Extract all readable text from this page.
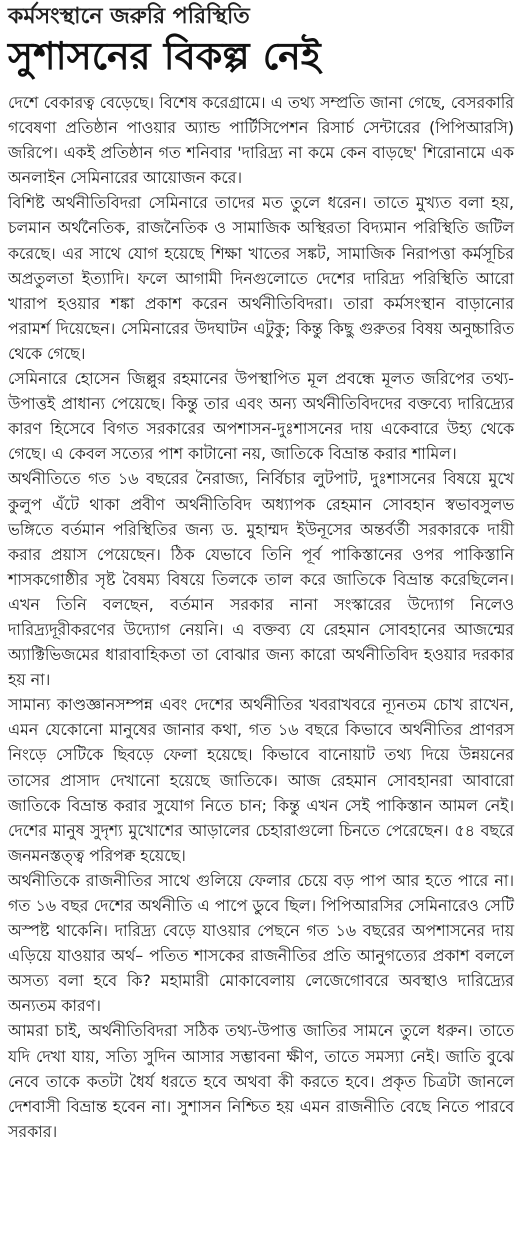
কর্মসংস্থানে জরুরি পরিস্থিতি
সুশাসনের বিকল্প নেই

দেশে বেকারত্ব বেড়েছে। বিশেষ করেগ্রামে। এ তথ্য সম্প্রতি জানা গেছে, বেসরকারি গবেষণা প্রতিষ্ঠান পাওয়ার অ্যান্ড পার্টিসিপেশন রিসার্চ সেন্টারের (পিপিআরসি) জরিপে। একই প্রতিষ্ঠান গত শনিবার 'দারিদ্র্য না কমে কেন বাড়ছে' শিরোনামে এক অনলাইন সেমিনারের আয়োজন করে।

বিশিষ্ট অর্থনীতিবিদরা সেমিনারে তাদের মত তুলে ধরেন। তাতে মুখ্যত বলা হয়, চলমান অর্থনৈতিক, রাজনৈতিক ও সামাজিক অস্থিরতা বিদ্যমান পরিস্থিতি জটিল করেছে। এর সাথে যোগ হয়েছে শিক্ষা খাতের সঙ্কট, সামাজিক নিরাপত্তা কর্মসূচির অপ্রতুলতা ইত্যাদি। ফলে আগামী দিনগুলোতে দেশের দারিদ্র্য পরিস্থিতি আরো খারাপ হওয়ার শঙ্কা প্রকাশ করেন অর্থনীতিবিদরা। তারা কর্মসংস্থান বাড়ানোর পরামর্শ দিয়েছেন। সেমিনারের উদঘাটন এটুকু; কিন্তু কিছু গুরুতর বিষয় অনুচ্চারিত থেকে গেছে।

সেমিনারে হোসেন জিল্লুর রহমানের উপস্থাপিত মূল প্রবন্ধে মূলত জরিপের তথ্য-উপাত্তই প্রাধান্য পেয়েছে। কিন্তু তার এবং অন্য অর্থনীতিবিদদের বক্তব্যে দারিদ্র্যের কারণ হিসেবে বিগত সরকারের অপশাসন-দুঃশাসনের দায় একেবারে উহ্য থেকে গেছে। এ কেবল সত্যের পাশ কাটানো নয়, জাতিকে বিভ্রান্ত করার শামিল।

অর্থনীতিতে গত ১৬ বছরের নৈরাজ্য, নির্বিচার লুটপাট, দুঃশাসনের বিষয়ে মুখে কুলুপ এঁটে থাকা প্রবীণ অর্থনীতিবিদ অধ্যাপক রেহমান সোবহান স্বভাবসুলভ ভঙ্গিতে বর্তমান পরিস্থিতির জন্য ড. মুহাম্মদ ইউনূসের অন্তর্বর্তী সরকারকে দায়ী করার প্রয়াস পেয়েছেন। ঠিক যেভাবে তিনি পূর্ব পাকিস্তানের ওপর পাকিস্তানি শাসকগোষ্ঠীর সৃষ্ট বৈষম্য বিষয়ে তিলকে তাল করে জাতিকে বিভ্রান্ত করেছিলেন। এখন তিনি বলছেন, বর্তমান সরকার নানা সংস্কারের উদ্যোগ নিলেও দারিদ্র্যদূরীকরণের উদ্যোগ নেয়নি। এ বক্তব্য যে রেহমান সোবহানের আজন্মের অ্যাক্টিভিজমের ধারাবাহিকতা তা বোঝার জন্য কারো অর্থনীতিবিদ হওয়ার দরকার হয় না।

সামান্য কাণ্ডজ্ঞানসম্পন্ন এবং দেশের অর্থনীতির খবরাখবরে ন্যূনতম চোখ রাখেন, এমন যেকোনো মানুষের জানার কথা, গত ১৬ বছরে কিভাবে অর্থনীতির প্রাণরস নিংড়ে সেটিকে ছিবড়ে ফেলা হয়েছে। কিভাবে বানোয়াট তথ্য দিয়ে উন্নয়নের তাসের প্রাসাদ দেখানো হয়েছে জাতিকে। আজ রেহমান সোবহানরা আবারো জাতিকে বিভ্রান্ত করার সুযোগ নিতে চান; কিন্তু এখন সেই পাকিস্তান আমল নেই। দেশের মানুষ সুদৃশ্য মুখোশের আড়ালের চেহারাগুলো চিনতে পেরেছেন। ৫৪ বছরে জনমনস্তত্ত্ব পরিপক্ব হয়েছে।

অর্থনীতিকে রাজনীতির সাথে গুলিয়ে ফেলার চেয়ে বড় পাপ আর হতে পারে না। গত ১৬ বছর দেশের অর্থনীতি এ পাপে ডুবে ছিল। পিপিআরসির সেমিনারেও সেটি অস্পষ্ট থাকেনি। দারিদ্র্য বেড়ে যাওয়ার পেছনে গত ১৬ বছরের অপশাসনের দায় এড়িয়ে যাওয়ার অর্থ– পতিত শাসকের রাজনীতির প্রতি আনুগত্যের প্রকাশ বললে অসত্য বলা হবে কি? মহামারী মোকাবেলায় লেজেগোবরে অবস্থাও দারিদ্র্যের অন্যতম কারণ।

আমরা চাই, অর্থনীতিবিদরা সঠিক তথ্য-উপাত্ত জাতির সামনে তুলে ধরুন। তাতে যদি দেখা যায়, সত্যি সুদিন আসার সম্ভাবনা ক্ষীণ, তাতে সমস্যা নেই। জাতি বুঝে নেবে তাকে কতটা ধৈর্য ধরতে হবে অথবা কী করতে হবে। প্রকৃত চিত্রটা জানলে দেশবাসী বিভ্রান্ত হবেন না। সুশাসন নিশ্চিত হয় এমন রাজনীতি বেছে নিতে পারবে সরকার।
